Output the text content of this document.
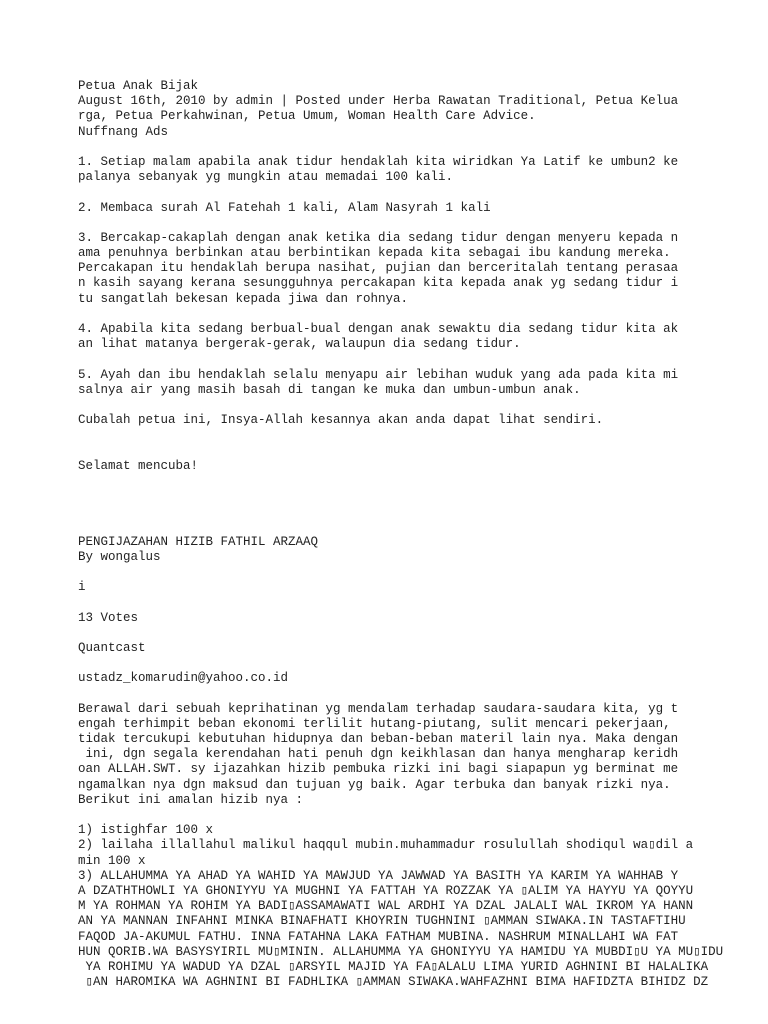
Petua Anak Bijak
August 16th, 2010 by admin | Posted under Herba Rawatan Traditional, Petua Kelua
rga, Petua Perkahwinan, Petua Umum, Woman Health Care Advice.
Nuffnang Ads
1. Setiap malam apabila anak tidur hendaklah kita wiridkan Ya Latif ke umbun2 ke
palanya sebanyak yg mungkin atau memadai 100 kali.
2. Membaca surah Al Fatehah 1 kali, Alam Nasyrah 1 kali
3. Bercakap-cakaplah dengan anak ketika dia sedang tidur dengan menyeru kepada n
ama penuhnya berbinkan atau berbintikan kepada kita sebagai ibu kandung mereka.
Percakapan itu hendaklah berupa nasihat, pujian dan berceritalah tentang perasaa
n kasih sayang kerana sesungguhnya percakapan kita kepada anak yg sedang tidur i
tu sangatlah bekesan kepada jiwa dan rohnya.
4. Apabila kita sedang berbual-bual dengan anak sewaktu dia sedang tidur kita ak
an lihat matanya bergerak-gerak, walaupun dia sedang tidur.
5. Ayah dan ibu hendaklah selalu menyapu air lebihan wuduk yang ada pada kita mi
salnya air yang masih basah di tangan ke muka dan umbun-umbun anak.
Cubalah petua ini, Insya-Allah kesannya akan anda dapat lihat sendiri.
Selamat mencuba!
PENGIJAZAHAN HIZIB FATHIL ARZAAQ
By wongalus
i
13 Votes
Quantcast
ustadz_komarudin@yahoo.co.id
Berawal dari sebuah keprihatinan yg mendalam terhadap saudara-saudara kita, yg t
engah terhimpit beban ekonomi terlilit hutang-piutang, sulit mencari pekerjaan,
tidak tercukupi kebutuhan hidupnya dan beban-beban materil lain nya. Maka dengan
ini, dgn segala kerendahan hati penuh dgn keikhlasan dan hanya mengharap keridh
oan ALLAH.SWT. sy ijazahkan hizib pembuka rizki ini bagi siapapun yg berminat me
ngamalkan nya dgn maksud dan tujuan yg baik. Agar terbuka dan banyak rizki nya.
Berikut ini amalan hizib nya :
1) istighfar 100 x
2) lailaha illallahul malikul haqqul mubin.muhammadur rosulullah shodiqul wa▯dil a
min 100 x
3) ALLAHUMMA YA AHAD YA WAHID YA MAWJUD YA JAWWAD YA BASITH YA KARIM YA WAHHAB Y
A DZATHTHOWLI YA GHONIYYU YA MUGHNI YA FATTAH YA ROZZAK YA ▯ALIM YA HAYYU YA QOYYU
M YA ROHMAN YA ROHIM YA BADI▯ASSAMAWATI WAL ARDHI YA DZAL JALALI WAL IKROM YA HANN
AN YA MANNAN INFAHNI MINKA BINAFHATI KHOYRIN TUGHNINI ▯AMMAN SIWAKA.IN TASTAFTIHU
FAQOD JA-AKUMUL FATHU. INNA FATAHNA LAKA FATHAM MUBINA. NASHRUM MINALLAHI WA FAT
HUN QORIB.WA BASYSYIRIL MU▯MININ. ALLAHUMMA YA GHONIYYU YA HAMIDU YA MUBDI▯U YA MU▯IDU
YA ROHIMU YA WADUD YA DZAL ▯ARSYIL MAJID YA FA▯ALALU LIMA YURID AGHNINI BI HALALIKA
▯AN HAROMIKA WA AGHNINI BI FADHLIKA ▯AMMAN SIWAKA.WAHFAZHNI BIMA HAFIDZTA BIHIDZ DZ
